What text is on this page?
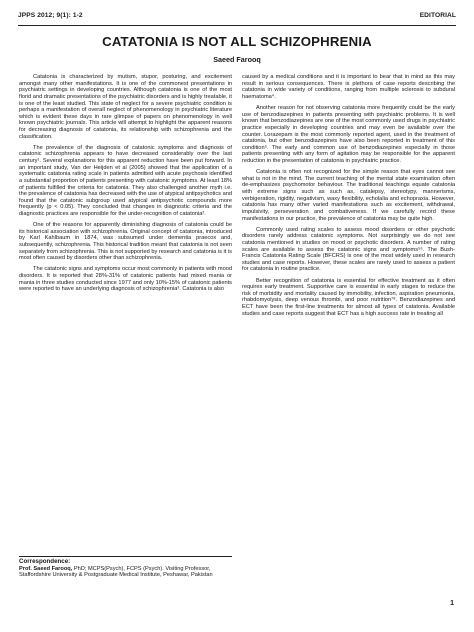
JPPS 2012; 9(1): 1-2	EDITORIAL
CATATONIA IS NOT ALL SCHIZOPHRENIA
Saeed Farooq

Catatonia is characterized by mutism, stupor, posturing, and excitement amongst many other manifestations. It is one of the commonest presentations in psychiatric settings in developing countries. Although catatonia is one of the most florid and dramatic presentations of the psychiatric disorders and is highly treatable, it is one of the least studied. This state of neglect for a severe psychiatric condition is perhaps a manifestation of overall neglect of phenomenology in psychiatric literature which is evident these days in rare glimpse of papers on phenomenology in well known psychiatric journals. This article will attempt to highlight the apparent reasons for decreasing diagnosis of catatonia, its relationship with schizophrenia and the classification.

The prevalence of the diagnosis of catatonic symptoms and diagnosis of catatonic schizophrenia appears to have decreased considerably over the last century¹. Several explanations for this apparent reduction have been put forward. In an important study, Van der Heijden et al (2005) showed that the application of a systematic catatonia rating scale in patients admitted with acute psychosis identified a substantial proportion of patients presenting with catatonic symptoms. At least 18% of patients fulfilled the criteria for catatonia. They also challenged another myth i.e. the prevalence of catatonia has decreased with the use of atypical antipsychotics and found that the catatonic subgroup used atypical antipsychotic compounds more frequently (p < 0.05). They concluded that changes in diagnostic criteria and the diagnostic practices are responsible for the under-recognition of catatonia².

One of the reasons for apparently diminishing diagnosis of catatonia could be its historical association with schizophrenia. Original concept of catatonia, introduced by Karl Kahlbaum in 1874, was subsumed under dementia praecox and, subsequently, schizophrenia. This historical tradition meant that catatonia is not seen separately from schizophrenia. This is not supported by research and catatonia is it is most often caused by disorders other than schizophrenia.

The catatonic signs and symptoms occur most commonly in patients with mood disorders. It is reported that 28%-31% of catatonic patients had mixed mania or mania in three studies conducted since 1977 and only 10%-15% of catatonic patients were reported to have an underlying diagnosis of schizophrenia³. Catatonia is also

Correspondence:
Prof. Saeed Farooq, PhD; MCPS(Psych), FCPS (Psych). Visiting Professor, Staffordshire University & Postgraduate Medical Institute, Peshawar, Pakistan

caused by a medical conditions and it is important to bear that in mind as this may result in serious consequences. There is plethora of case reports describing the catatonia in wide variety of conditions, ranging from multiple sclerosis to subdural haematoma⁴.

Another reason for not observing catatonia more frequently could be the early use of benzodiazepines in patients presenting with psychiatric problems. It is well known that benzodiazepines are one of the most commonly used drugs in psychiatric practice especially in developing countries and may even be available over the counter. Lorazepam is the most commonly reported agent, used in the treatment of catatonia, but other benzodiazepines have also been reported in treatment of this condition⁵. The early and common use of benzodiazepines especially in those patients presenting with any form of agitation may be responsible for the apparent reduction in the presentation of catatonia in psychiatric practice.

Catatonia is often not recognized for the simple reason that eyes cannot see what is not in the mind. The current teaching of the mental state examination often de-emphasizes psychomotor behaviour. The traditional teachings equate catatonia with extreme signs such as such as, catalepsy, stereotypy, mannerisms, verbigeration, rigidity, negativism, waxy flexibility, echolalia and echopraxia. However, catatonia has many other varied manifestations such as excitement, withdrawal, impulsivity, perseveration and combativeness. If we carefully record these manifestations in our practice, the prevalence of catatonia may be quite high.

Commonly used rating scales to assess mood disorders or other psychotic disorders rarely address catatonic symptoms. Not surprisingly we do not see catatonia mentioned in studies on mood or psychotic disorders. A number of rating scales are available to assess the catatonic signs and symptoms⁵⁶. The Bush-Francis Catatonia Rating Scale (BFCRS) is one of the most widely used in research studies and case reports. However, these scales are rarely used to assess a patient for catatonia in routine practice.

Better recognition of catatonia is essential for effective treatment as it often requires early treatment. Supportive care is essential in early stages to reduce the risk of morbidity and mortality caused by immobility, infection, aspiration pneumonia, rhabdomyolysis, deep venous thrombi, and poor nutrition⁷⁸. Benzodiazepines and ECT have been the first-line treatments for almost all types of catatonia. Available studies and case reports suggest that ECT has a high success rate in treating all

1
